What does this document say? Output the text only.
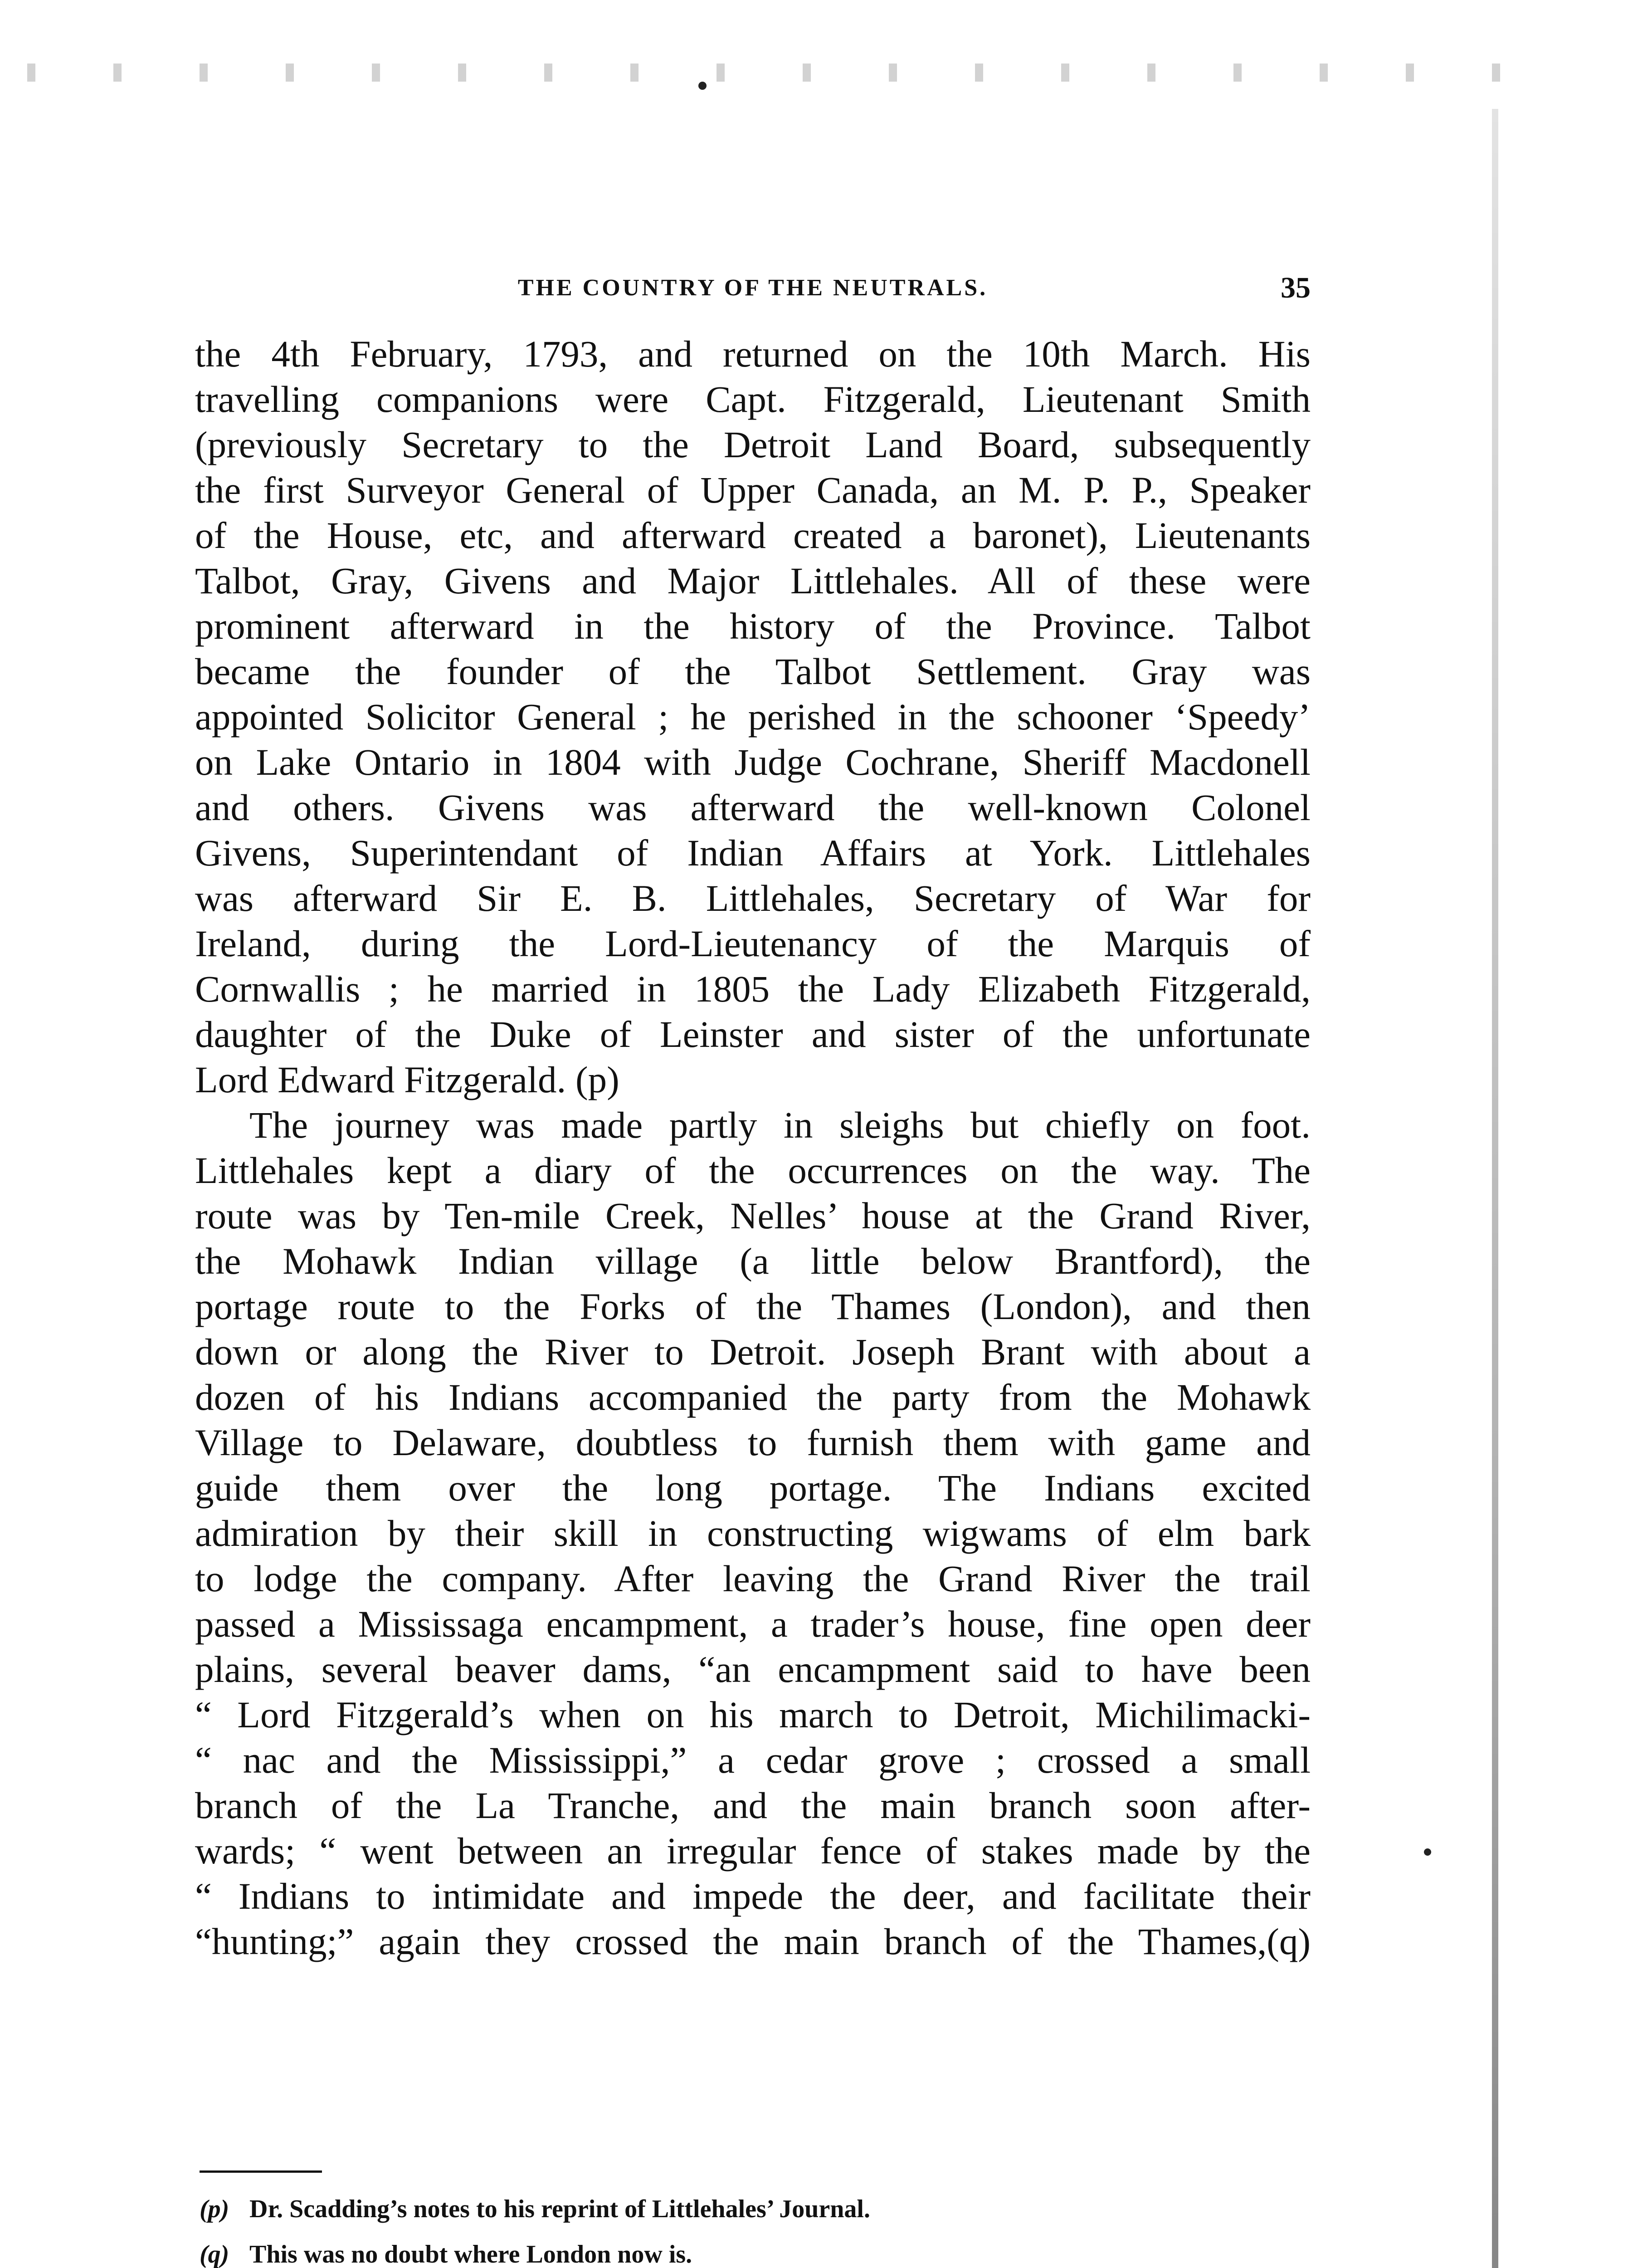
THE COUNTRY OF THE NEUTRALS.	35

the 4th February, 1793, and returned on the 10th March. His
travelling companions were Capt. Fitzgerald, Lieutenant Smith
(previously Secretary to the Detroit Land Board, subsequently
the first Surveyor General of Upper Canada, an M. P. P., Speaker
of the House, etc, and afterward created a baronet), Lieutenants
Talbot, Gray, Givens and Major Littlehales. All of these were
prominent afterward in the history of the Province. Talbot
became the founder of the Talbot Settlement. Gray was
appointed Solicitor General ; he perished in the schooner ‘Speedy’
on Lake Ontario in 1804 with Judge Cochrane, Sheriff Macdonell
and others. Givens was afterward the well-known Colonel
Givens, Superintendant of Indian Affairs at York. Littlehales
was afterward Sir E. B. Littlehales, Secretary of War for
Ireland, during the Lord-Lieutenancy of the Marquis of
Cornwallis ; he married in 1805 the Lady Elizabeth Fitzgerald,
daughter of the Duke of Leinster and sister of the unfortunate
Lord Edward Fitzgerald. (p)

The journey was made partly in sleighs but chiefly on foot.
Littlehales kept a diary of the occurrences on the way. The
route was by Ten-mile Creek, Nelles’ house at the Grand River,
the Mohawk Indian village (a little below Brantford), the
portage route to the Forks of the Thames (London), and then
down or along the River to Detroit. Joseph Brant with about a
dozen of his Indians accompanied the party from the Mohawk
Village to Delaware, doubtless to furnish them with game and
guide them over the long portage. The Indians excited
admiration by their skill in constructing wigwams of elm bark
to lodge the company. After leaving the Grand River the trail
passed a Mississaga encampment, a trader’s house, fine open deer
plains, several beaver dams, “an encampment said to have been
“ Lord Fitzgerald’s when on his march to Detroit, Michilimacki-
“ nac and the Mississippi,” a cedar grove ; crossed a small
branch of the La Tranche, and the main branch soon after-
wards; “ went between an irregular fence of stakes made by the
“ Indians to intimidate and impede the deer, and facilitate their
“hunting;” again they crossed the main branch of the Thames,(q)

(p) Dr. Scadding’s notes to his reprint of Littlehales’ Journal.
(q) This was no doubt where London now is.
